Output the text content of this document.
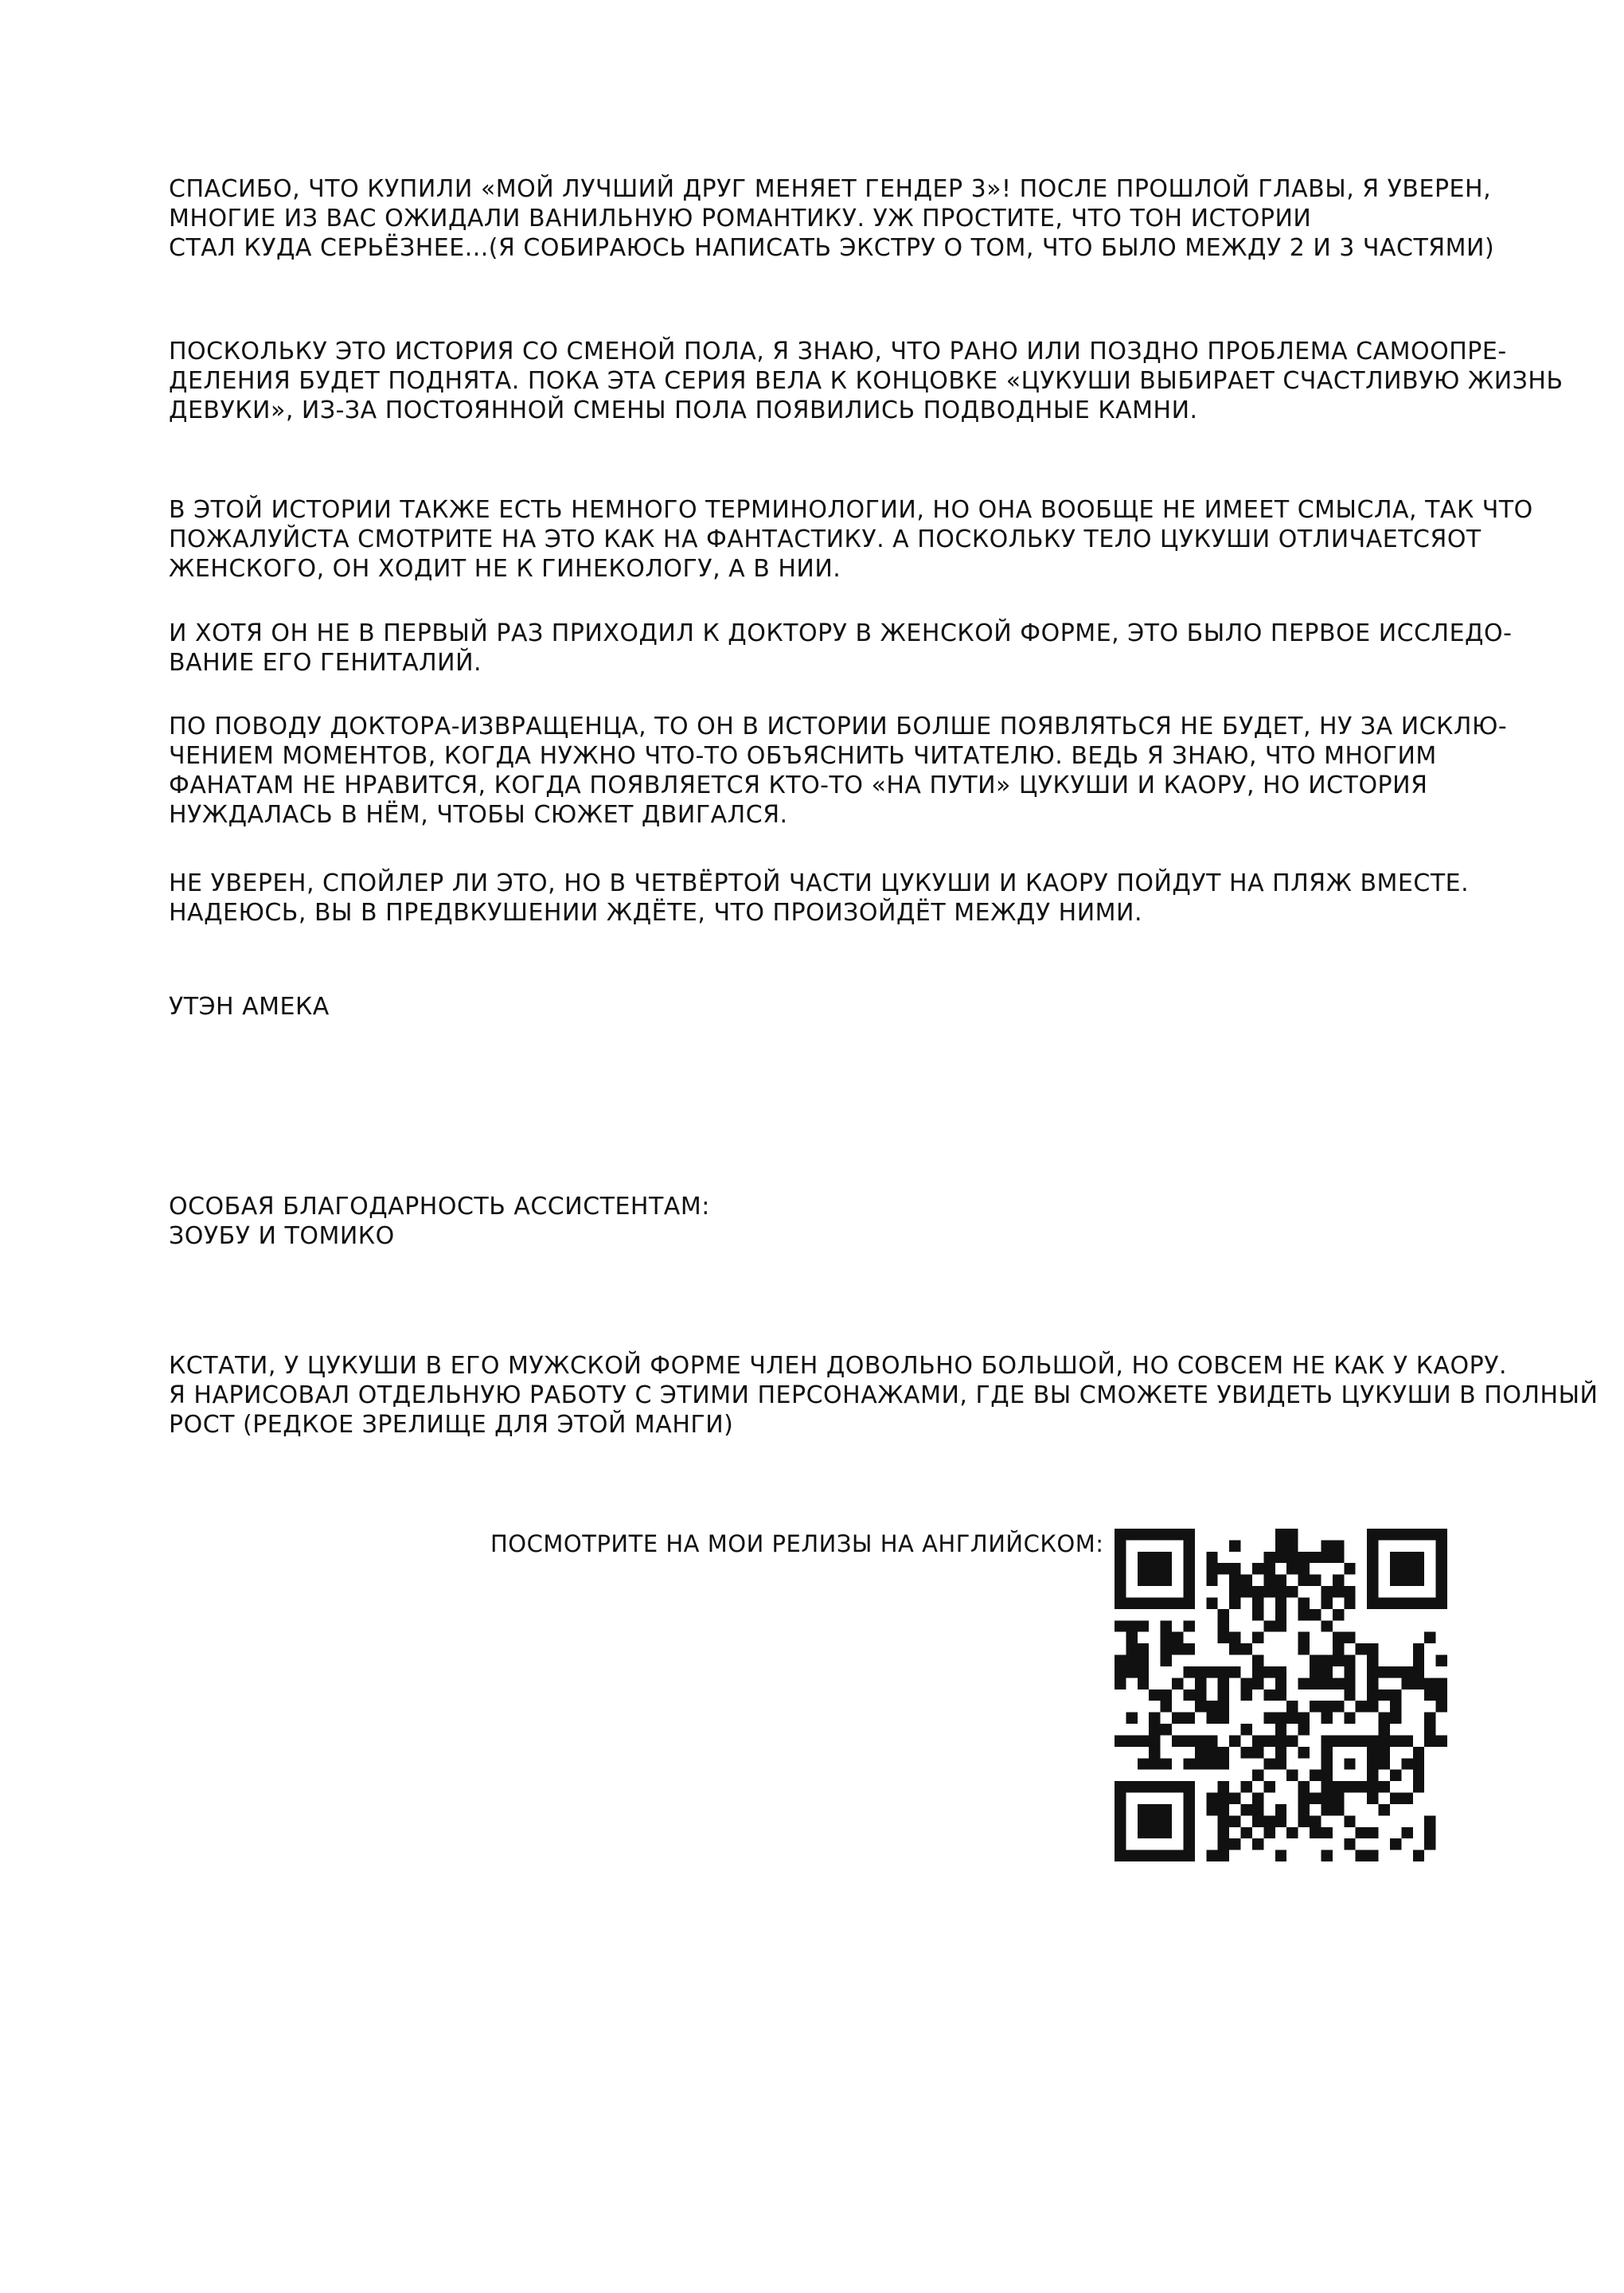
СПАСИБО, ЧТО КУПИЛИ «МОЙ ЛУЧШИЙ ДРУГ МЕНЯЕТ ГЕНДЕР 3»! ПОСЛЕ ПРОШЛОЙ ГЛАВЫ, Я УВЕРЕН,
МНОГИЕ ИЗ ВАС ОЖИДАЛИ ВАНИЛЬНУЮ РОМАНТИКУ. УЖ ПРОСТИТЕ, ЧТО ТОН ИСТОРИИ
СТАЛ КУДА СЕРЬЁЗНЕЕ...(Я СОБИРАЮСЬ НАПИСАТЬ ЭКСТРУ О ТОМ, ЧТО БЫЛО МЕЖДУ 2 И 3 ЧАСТЯМИ)

ПОСКОЛЬКУ ЭТО ИСТОРИЯ СО СМЕНОЙ ПОЛА, Я ЗНАЮ, ЧТО РАНО ИЛИ ПОЗДНО ПРОБЛЕМА САМООПРЕ-
ДЕЛЕНИЯ БУДЕТ ПОДНЯТА. ПОКА ЭТА СЕРИЯ ВЕЛА К КОНЦОВКЕ «ЦУКУШИ ВЫБИРАЕТ СЧАСТЛИВУЮ ЖИЗНЬ
ДЕВУКИ», ИЗ-ЗА ПОСТОЯННОЙ СМЕНЫ ПОЛА ПОЯВИЛИСЬ ПОДВОДНЫЕ КАМНИ.

В ЭТОЙ ИСТОРИИ ТАКЖЕ ЕСТЬ НЕМНОГО ТЕРМИНОЛОГИИ, НО ОНА ВООБЩЕ НЕ ИМЕЕТ СМЫСЛА, ТАК ЧТО
ПОЖАЛУЙСТА СМОТРИТЕ НА ЭТО КАК НА ФАНТАСТИКУ. А ПОСКОЛЬКУ ТЕЛО ЦУКУШИ ОТЛИЧАЕТСЯОТ
ЖЕНСКОГО, ОН ХОДИТ НЕ К ГИНЕКОЛОГУ, А В НИИ.

И ХОТЯ ОН НЕ В ПЕРВЫЙ РАЗ ПРИХОДИЛ К ДОКТОРУ В ЖЕНСКОЙ ФОРМЕ, ЭТО БЫЛО ПЕРВОЕ ИССЛЕДО-
ВАНИЕ ЕГО ГЕНИТАЛИЙ.

ПО ПОВОДУ ДОКТОРА-ИЗВРАЩЕНЦА, ТО ОН В ИСТОРИИ БОЛШЕ ПОЯВЛЯТЬСЯ НЕ БУДЕТ, НУ ЗА ИСКЛЮ-
ЧЕНИЕМ МОМЕНТОВ, КОГДА НУЖНО ЧТО-ТО ОБЪЯСНИТЬ ЧИТАТЕЛЮ. ВЕДЬ Я ЗНАЮ, ЧТО МНОГИМ
ФАНАТАМ НЕ НРАВИТСЯ, КОГДА ПОЯВЛЯЕТСЯ КТО-ТО «НА ПУТИ» ЦУКУШИ И КАОРУ, НО ИСТОРИЯ
НУЖДАЛАСЬ В НЁМ, ЧТОБЫ СЮЖЕТ ДВИГАЛСЯ.

НЕ УВЕРЕН, СПОЙЛЕР ЛИ ЭТО, НО В ЧЕТВЁРТОЙ ЧАСТИ ЦУКУШИ И КАОРУ ПОЙДУТ НА ПЛЯЖ ВМЕСТЕ.
НАДЕЮСЬ, ВЫ В ПРЕДВКУШЕНИИ ЖДЁТЕ, ЧТО ПРОИЗОЙДЁТ МЕЖДУ НИМИ.

УТЭН АМЕКА

ОСОБАЯ БЛАГОДАРНОСТЬ АССИСТЕНТАМ:
ЗОУБУ И ТОМИКО

КСТАТИ, У ЦУКУШИ В ЕГО МУЖСКОЙ ФОРМЕ ЧЛЕН ДОВОЛЬНО БОЛЬШОЙ, НО СОВСЕМ НЕ КАК У КАОРУ.
Я НАРИСОВАЛ ОТДЕЛЬНУЮ РАБОТУ С ЭТИМИ ПЕРСОНАЖАМИ, ГДЕ ВЫ СМОЖЕТЕ УВИДЕТЬ ЦУКУШИ В ПОЛНЫЙ
РОСТ (РЕДКОЕ ЗРЕЛИЩЕ ДЛЯ ЭТОЙ МАНГИ)

ПОСМОТРИТЕ НА МОИ РЕЛИЗЫ НА АНГЛИЙСКОМ:
